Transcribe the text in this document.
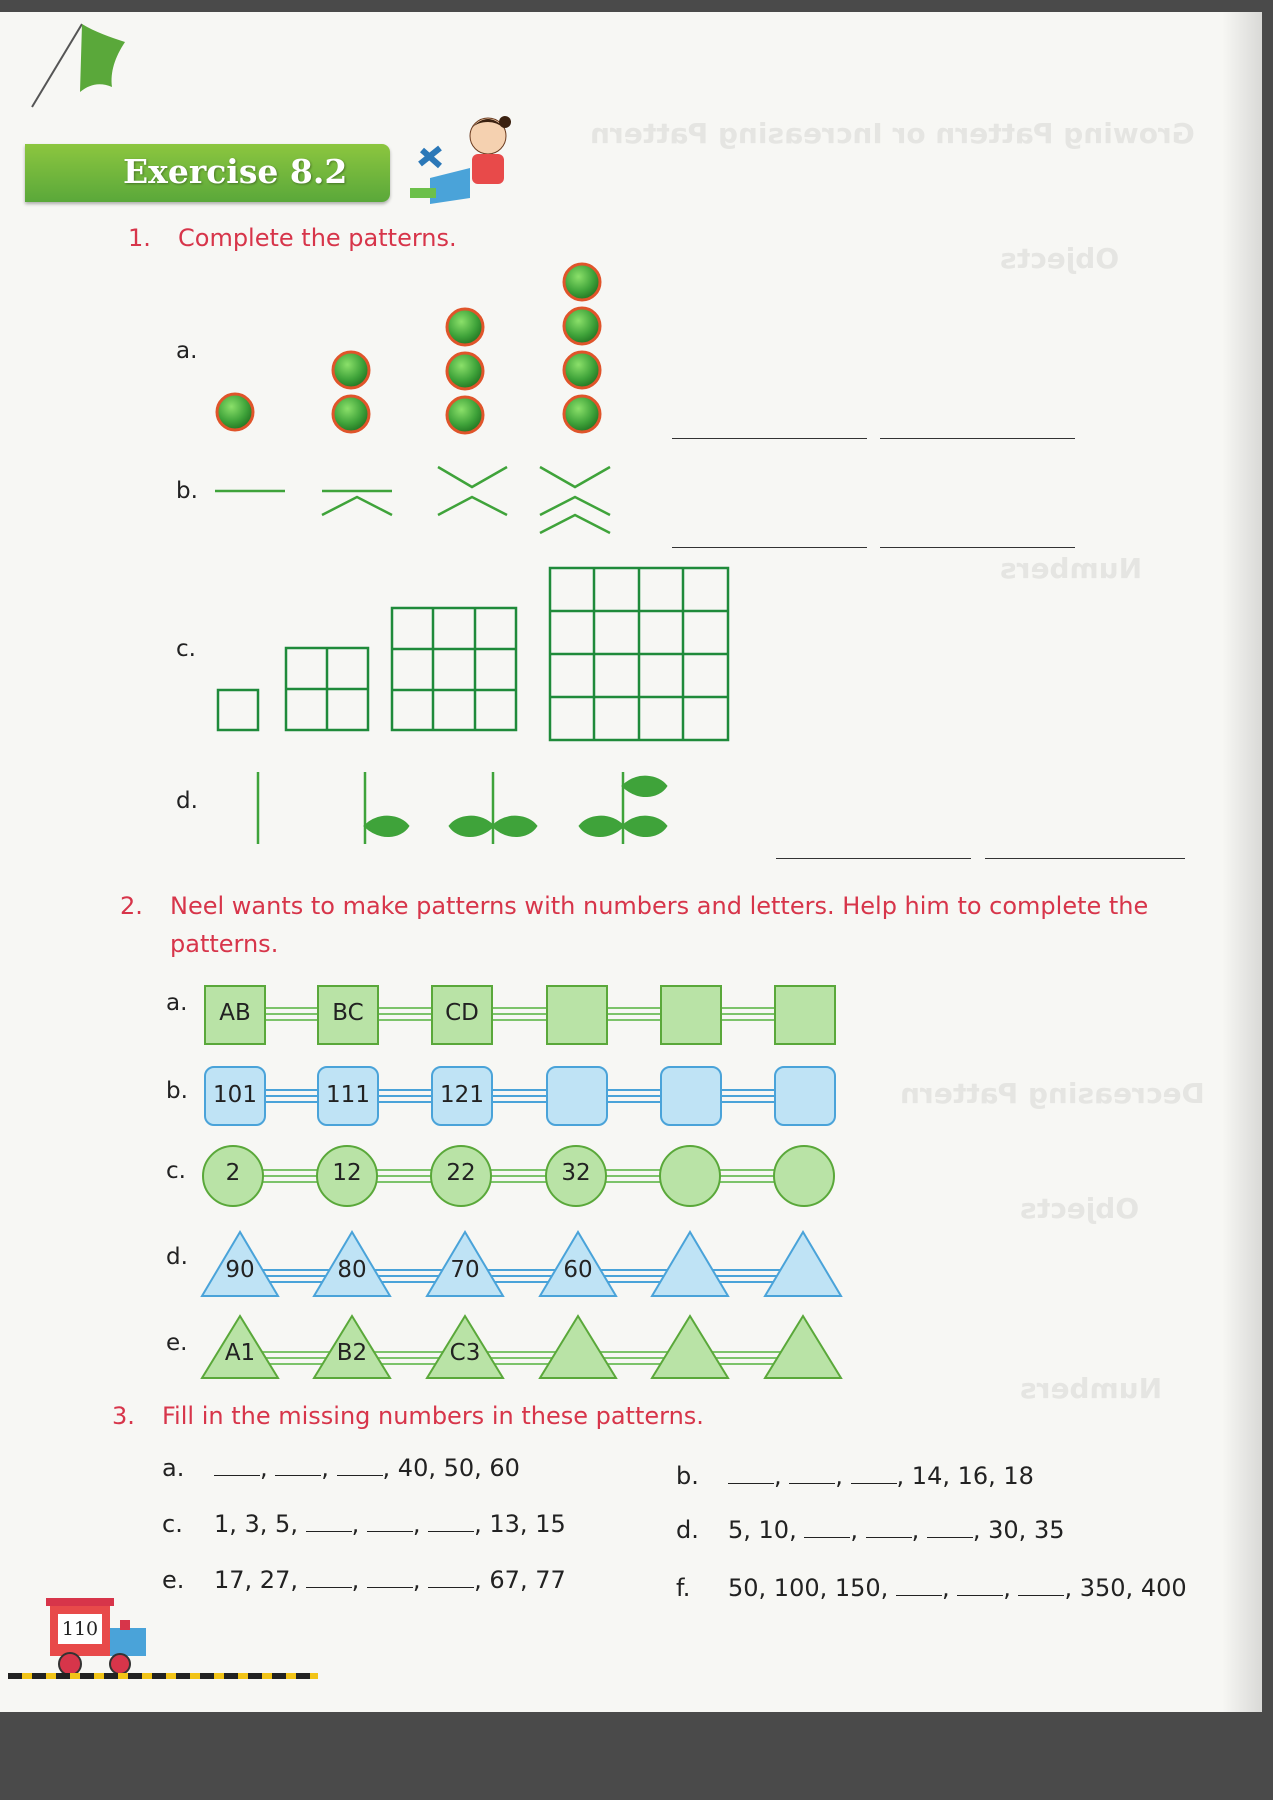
Growing Pattern or Increasing Pattern
Objects
Numbers
Decreasing Pattern
Objects
Numbers
Exercise 8.2
1. Complete the patterns.
a.
b.
c.
d.
2. Neel wants to make patterns with numbers and letters. Help him to complete the
patterns.
a.
b.
c.
d.
e.
AB	BC	CD
101	111	121
2	12	22	32
90	80	70	60
A1	B2	C3
3. Fill in the missing numbers in these patterns.
a.	, , , 40, 50, 60	b.	, , , 14, 16, 18
c. 1, 3, 5, , , , 13, 15	d. 5, 10, , , , 30, 35
e. 17, 27, , , , 67, 77	f. 50, 100, 150, , , , 350, 400
110
